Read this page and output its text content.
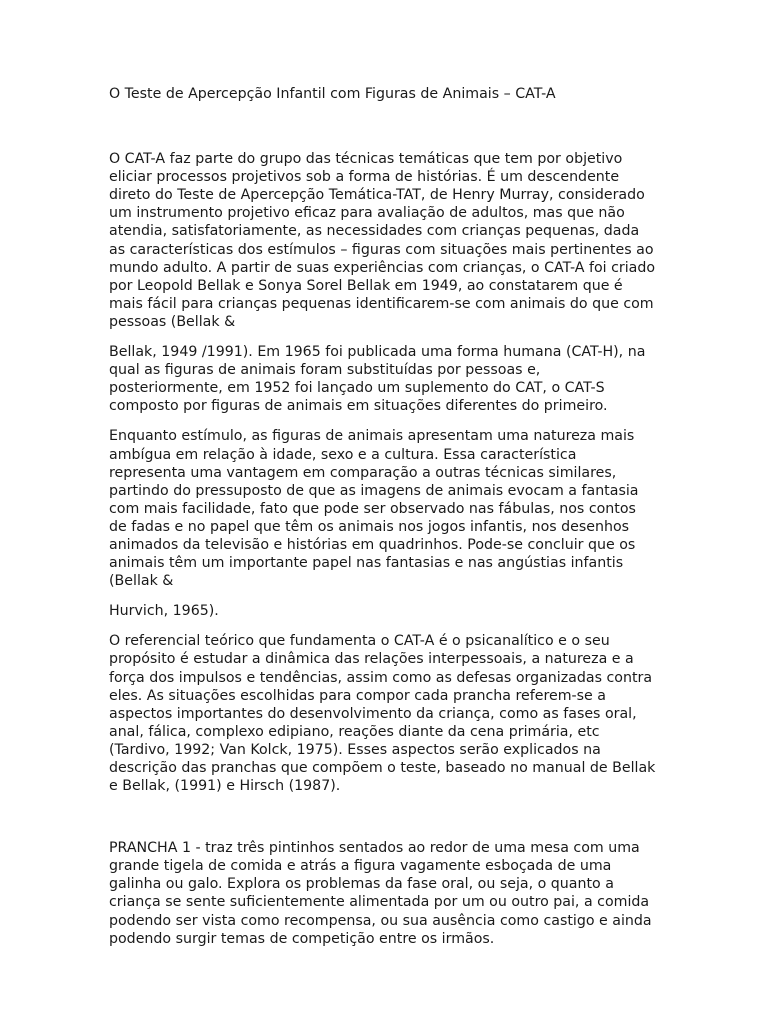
O Teste de Apercepção Infantil com Figuras de Animais – CAT-A
O CAT-A faz parte do grupo das técnicas temáticas que tem por objetivo
eliciar processos projetivos sob a forma de histórias. É um descendente
direto do Teste de Apercepção Temática-TAT, de Henry Murray, considerado
um instrumento projetivo eficaz para avaliação de adultos, mas que não
atendia, satisfatoriamente, as necessidades com crianças pequenas, dada
as características dos estímulos – figuras com situações mais pertinentes ao
mundo adulto. A partir de suas experiências com crianças, o CAT-A foi criado
por Leopold Bellak e Sonya Sorel Bellak em 1949, ao constatarem que é
mais fácil para crianças pequenas identificarem-se com animais do que com
pessoas (Bellak &
Bellak, 1949 /1991). Em 1965 foi publicada uma forma humana (CAT-H), na
qual as figuras de animais foram substituídas por pessoas e,
posteriormente, em 1952 foi lançado um suplemento do CAT, o CAT-S
composto por figuras de animais em situações diferentes do primeiro.
Enquanto estímulo, as figuras de animais apresentam uma natureza mais
ambígua em relação à idade, sexo e a cultura. Essa característica
representa uma vantagem em comparação a outras técnicas similares,
partindo do pressuposto de que as imagens de animais evocam a fantasia
com mais facilidade, fato que pode ser observado nas fábulas, nos contos
de fadas e no papel que têm os animais nos jogos infantis, nos desenhos
animados da televisão e histórias em quadrinhos. Pode-se concluir que os
animais têm um importante papel nas fantasias e nas angústias infantis
(Bellak &
Hurvich, 1965).
O referencial teórico que fundamenta o CAT-A é o psicanalítico e o seu
propósito é estudar a dinâmica das relações interpessoais, a natureza e a
força dos impulsos e tendências, assim como as defesas organizadas contra
eles. As situações escolhidas para compor cada prancha referem-se a
aspectos importantes do desenvolvimento da criança, como as fases oral,
anal, fálica, complexo edipiano, reações diante da cena primária, etc
(Tardivo, 1992; Van Kolck, 1975). Esses aspectos serão explicados na
descrição das pranchas que compõem o teste, baseado no manual de Bellak
e Bellak, (1991) e Hirsch (1987).
PRANCHA 1 - traz três pintinhos sentados ao redor de uma mesa com uma
grande tigela de comida e atrás a figura vagamente esboçada de uma
galinha ou galo. Explora os problemas da fase oral, ou seja, o quanto a
criança se sente suficientemente alimentada por um ou outro pai, a comida
podendo ser vista como recompensa, ou sua ausência como castigo e ainda
podendo surgir temas de competição entre os irmãos.
